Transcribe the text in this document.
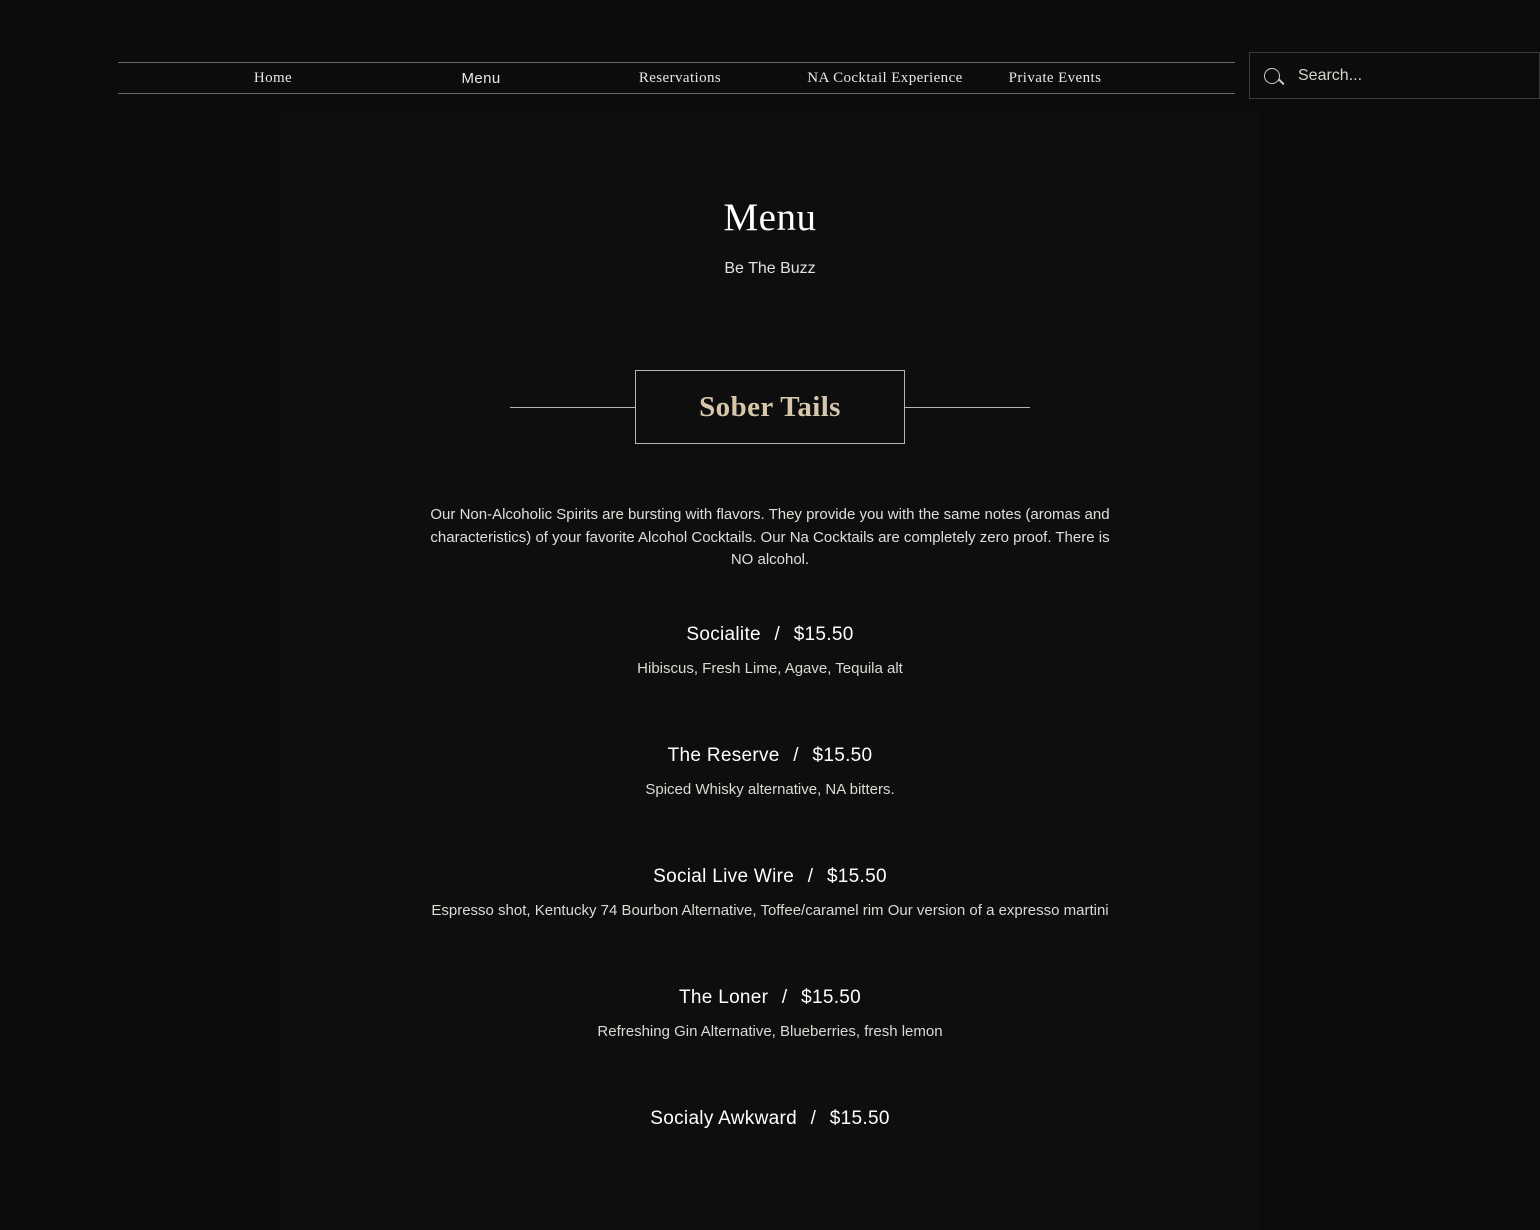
Home	Menu	Reservations	NA Cocktail Experience	Private Events
Search...
Menu
Be The Buzz
Sober Tails
Our Non-Alcoholic Spirits are bursting with flavors. They provide you with the same notes (aromas and characteristics) of your favorite Alcohol Cocktails. Our Na Cocktails are completely zero proof. There is NO alcohol.
Socialite / $15.50
Hibiscus, Fresh Lime, Agave, Tequila alt
The Reserve / $15.50
Spiced Whisky alternative, NA bitters.
Social Live Wire / $15.50
Espresso shot, Kentucky 74 Bourbon Alternative, Toffee/caramel rim Our version of a expresso martini
The Loner / $15.50
Refreshing Gin Alternative, Blueberries, fresh lemon
Socialy Awkward / $15.50
